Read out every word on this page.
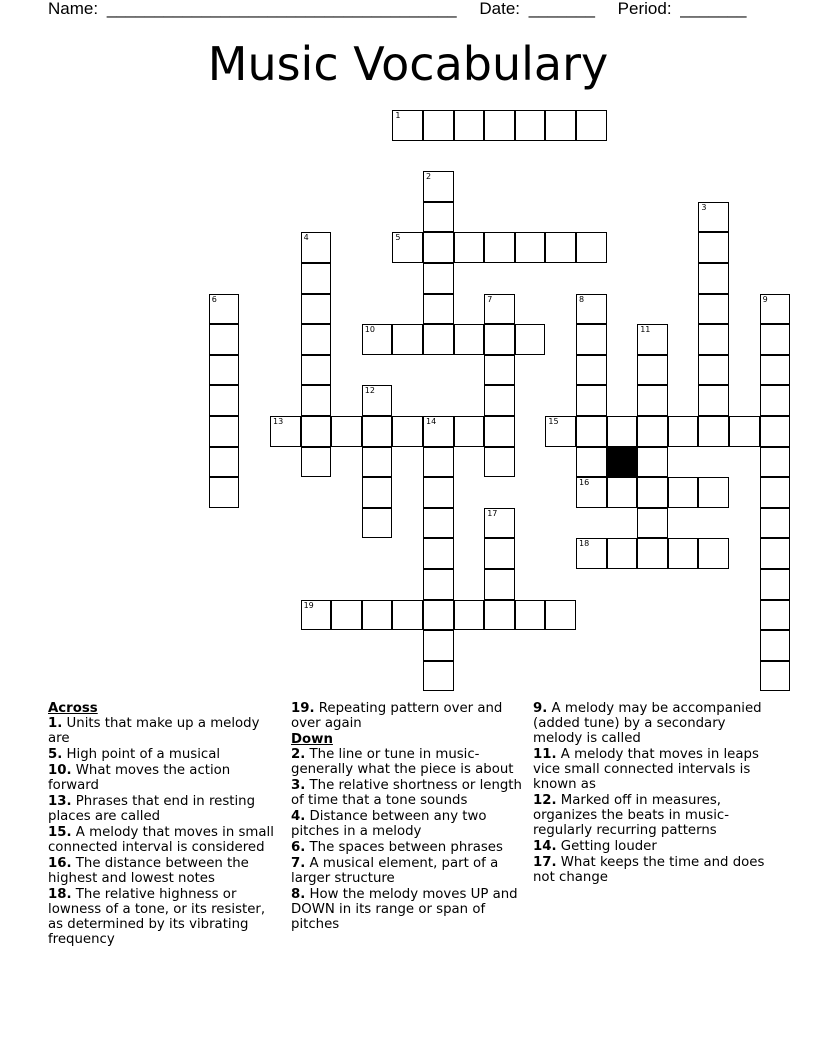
Name: _____________________________________ Date: _______ Period: _______
Music Vocabulary
1
2
3
4	5
6	7	8	9
10	11
12
13	14	15
16
17
18
19
Across
1. Units that make up a melody are
5. High point of a musical
10. What moves the action forward
13. Phrases that end in resting places are called
15. A melody that moves in small connected interval is considered
16. The distance between the highest and lowest notes
18. The relative highness or lowness of a tone, or its resister, as determined by its vibrating frequency
19. Repeating pattern over and over again
Down
2. The line or tune in music-generally what the piece is about
3. The relative shortness or length of time that a tone sounds
4. Distance between any two pitches in a melody
6. The spaces between phrases
7. A musical element, part of a larger structure
8. How the melody moves UP and DOWN in its range or span of pitches
9. A melody may be accompanied (added tune) by a secondary melody is called
11. A melody that moves in leaps vice small connected intervals is known as
12. Marked off in measures, organizes the beats in music-regularly recurring patterns
14. Getting louder
17. What keeps the time and does not change
